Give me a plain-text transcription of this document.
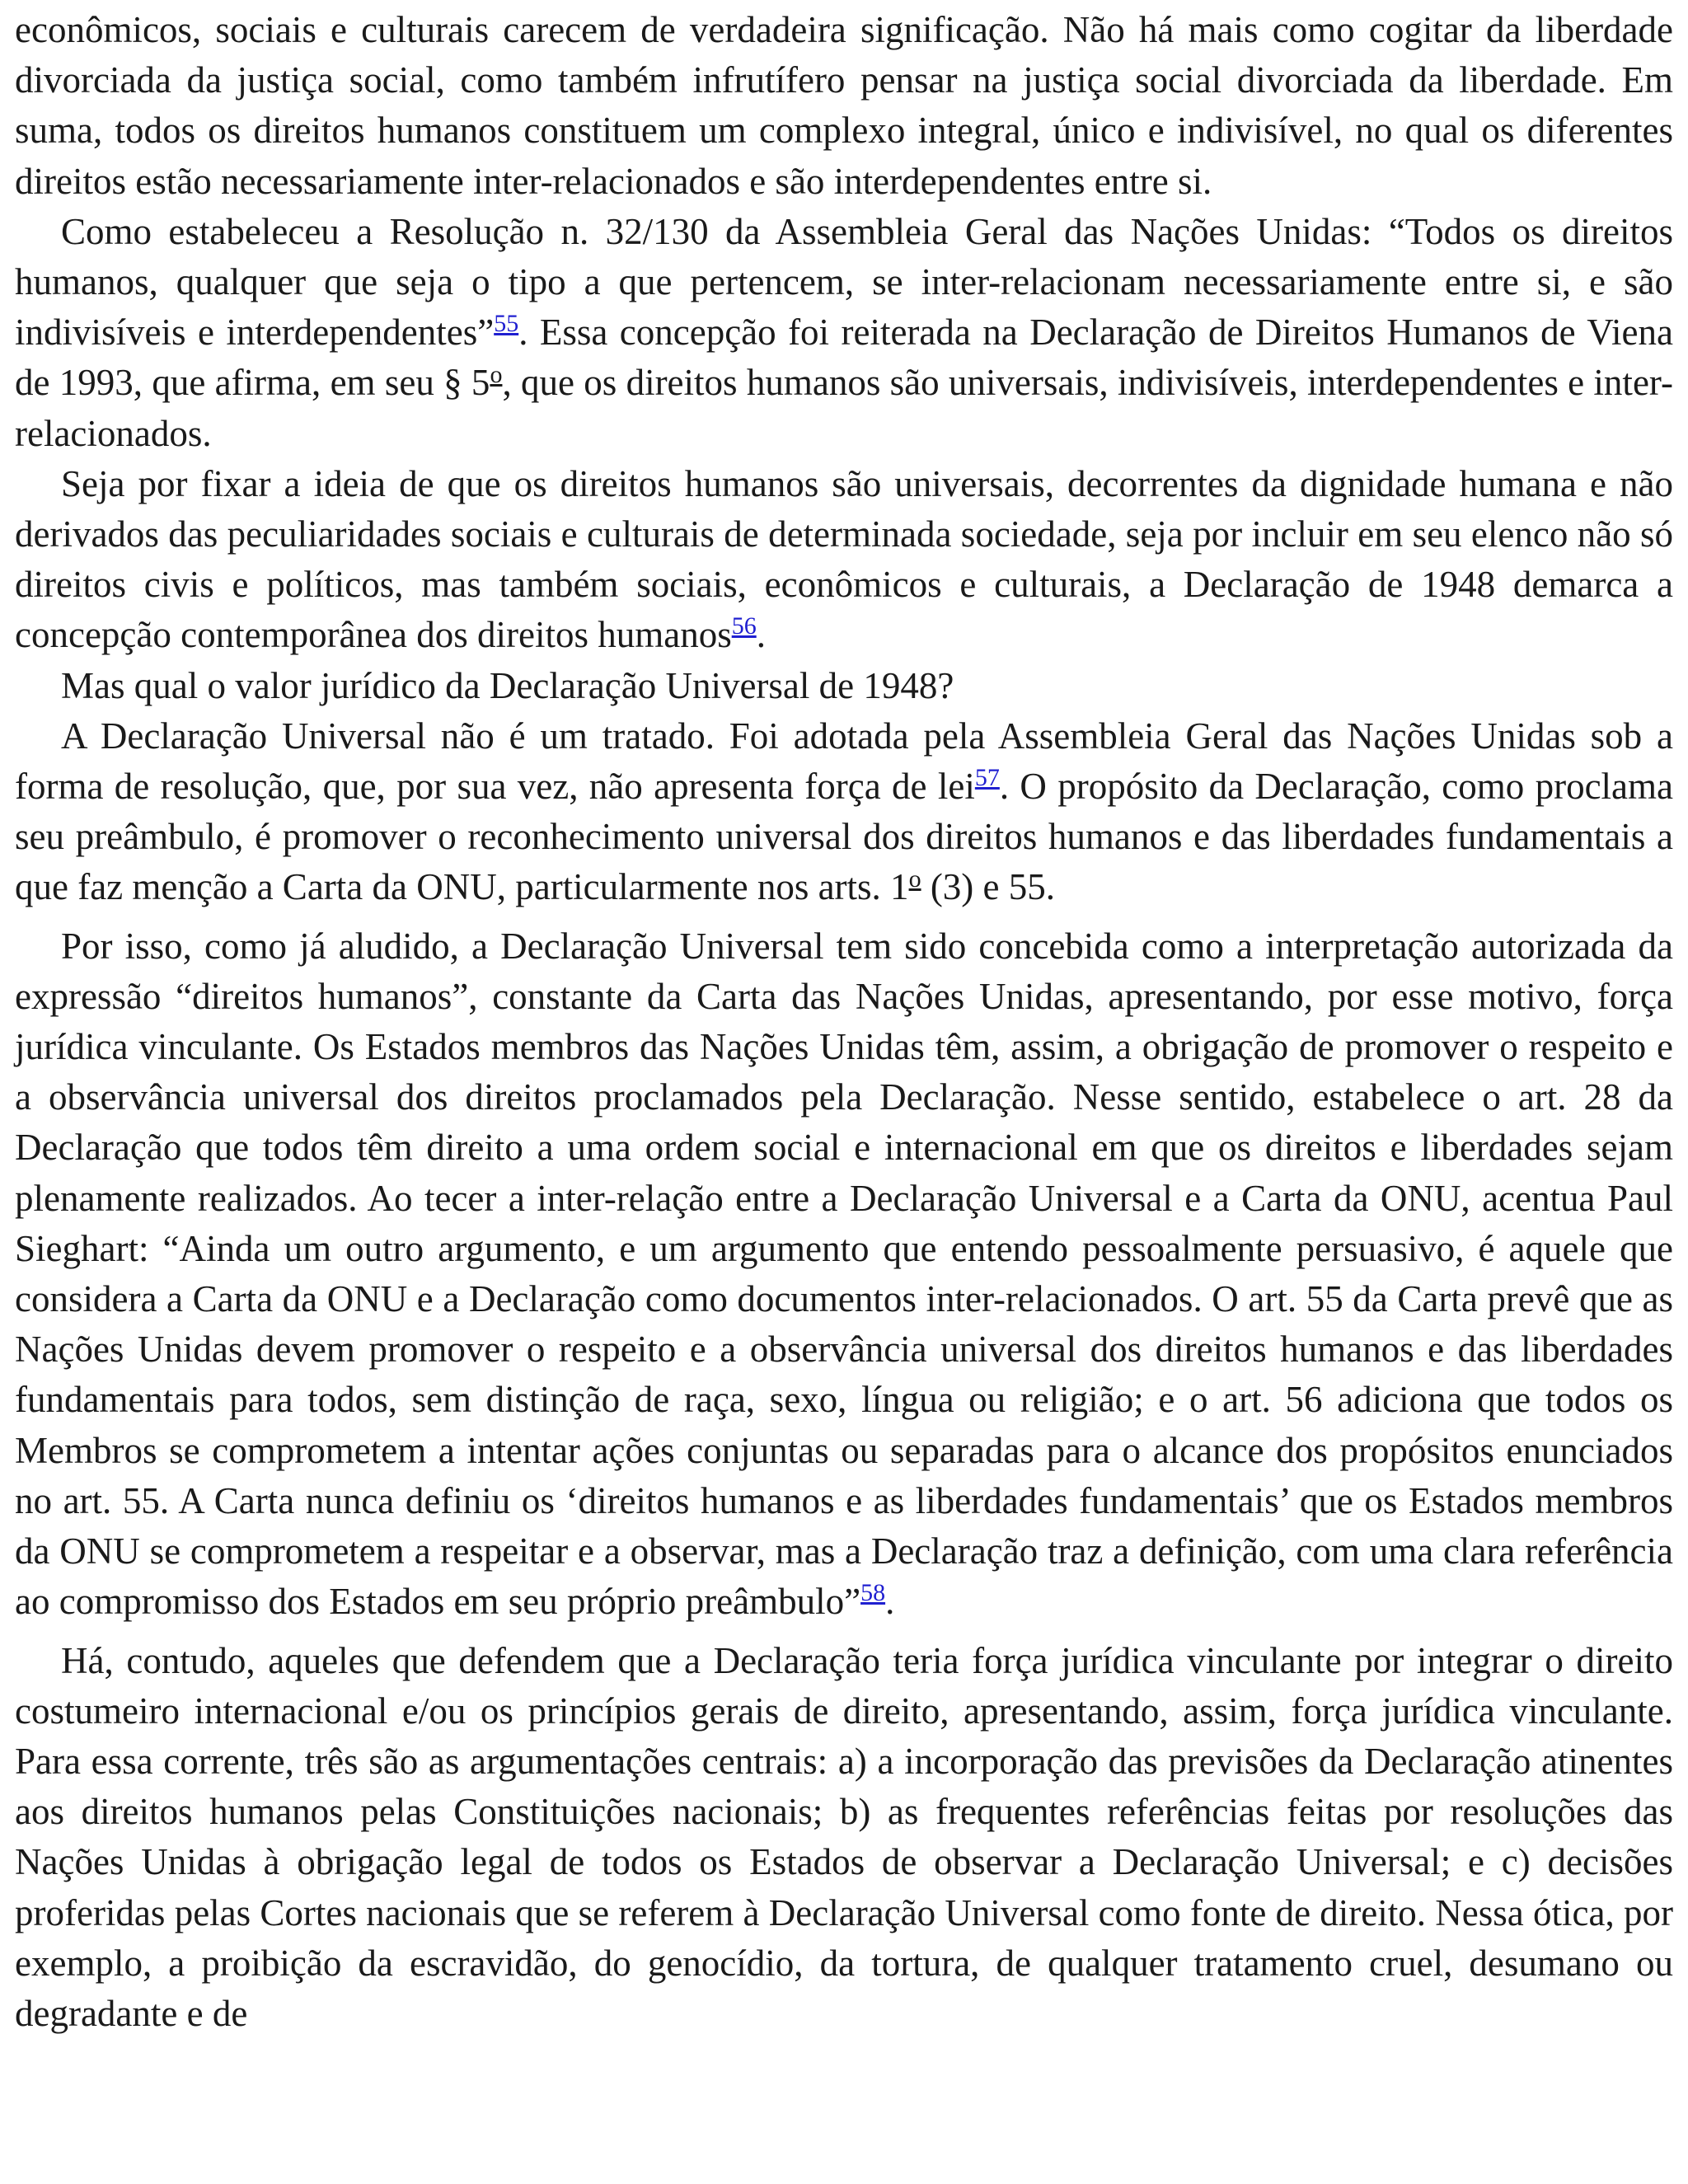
econômicos, sociais e culturais carecem de verdadeira significação. Não há mais como cogitar da liberdade divorciada da justiça social, como também infrutífero pensar na justiça social divorciada da liberdade. Em suma, todos os direitos humanos constituem um complexo integral, único e indivisível, no qual os diferentes direitos estão necessariamente inter-relacionados e são interdependentes entre si.

Como estabeleceu a Resolução n. 32/130 da Assembleia Geral das Nações Unidas: “Todos os direitos humanos, qualquer que seja o tipo a que pertencem, se inter-relacionam necessariamente entre si, e são indivisíveis e interdependentes”$^{55}$. Essa concepção foi reiterada na Declaração de Direitos Humanos de Viena de 1993, que afirma, em seu § 5$^o$, que os direitos humanos são universais, indivisíveis, interdependentes e inter-relacionados.

Seja por fixar a ideia de que os direitos humanos são universais, decorrentes da dignidade humana e não derivados das peculiaridades sociais e culturais de determinada sociedade, seja por incluir em seu elenco não só direitos civis e políticos, mas também sociais, econômicos e culturais, a Declaração de 1948 demarca a concepção contemporânea dos direitos humanos$^{56}$.

Mas qual o valor jurídico da Declaração Universal de 1948?

A Declaração Universal não é um tratado. Foi adotada pela Assembleia Geral das Nações Unidas sob a forma de resolução, que, por sua vez, não apresenta força de lei$^{57}$. O propósito da Declaração, como proclama seu preâmbulo, é promover o reconhecimento universal dos direitos humanos e das liberdades fundamentais a que faz menção a Carta da ONU, particularmente nos arts. 1$^o$ (3) e 55.

Por isso, como já aludido, a Declaração Universal tem sido concebida como a interpretação autorizada da expressão “direitos humanos”, constante da Carta das Nações Unidas, apresentando, por esse motivo, força jurídica vinculante. Os Estados membros das Nações Unidas têm, assim, a obrigação de promover o respeito e a observância universal dos direitos proclamados pela Declaração. Nesse sentido, estabelece o art. 28 da Declaração que todos têm direito a uma ordem social e internacional em que os direitos e liberdades sejam plenamente realizados. Ao tecer a inter-relação entre a Declaração Universal e a Carta da ONU, acentua Paul Sieghart: “Ainda um outro argumento, e um argumento que entendo pessoalmente persuasivo, é aquele que considera a Carta da ONU e a Declaração como documentos inter-relacionados. O art. 55 da Carta prevê que as Nações Unidas devem promover o respeito e a observância universal dos direitos humanos e das liberdades fundamentais para todos, sem distinção de raça, sexo, língua ou religião; e o art. 56 adiciona que todos os Membros se comprometem a intentar ações conjuntas ou separadas para o alcance dos propósitos enunciados no art. 55. A Carta nunca definiu os ‘direitos humanos e as liberdades fundamentais’ que os Estados membros da ONU se comprometem a respeitar e a observar, mas a Declaração traz a definição, com uma clara referência ao compromisso dos Estados em seu próprio preâmbulo”$^{58}$.

Há, contudo, aqueles que defendem que a Declaração teria força jurídica vinculante por integrar o direito costumeiro internacional e/ou os princípios gerais de direito, apresentando, assim, força jurídica vinculante. Para essa corrente, três são as argumentações centrais: a) a incorporação das previsões da Declaração atinentes aos direitos humanos pelas Constituições nacionais; b) as frequentes referências feitas por resoluções das Nações Unidas à obrigação legal de todos os Estados de observar a Declaração Universal; e c) decisões proferidas pelas Cortes nacionais que se referem à Declaração Universal como fonte de direito. Nessa ótica, por exemplo, a proibição da escravidão, do genocídio, da tortura, de qualquer tratamento cruel, desumano ou degradante e de
